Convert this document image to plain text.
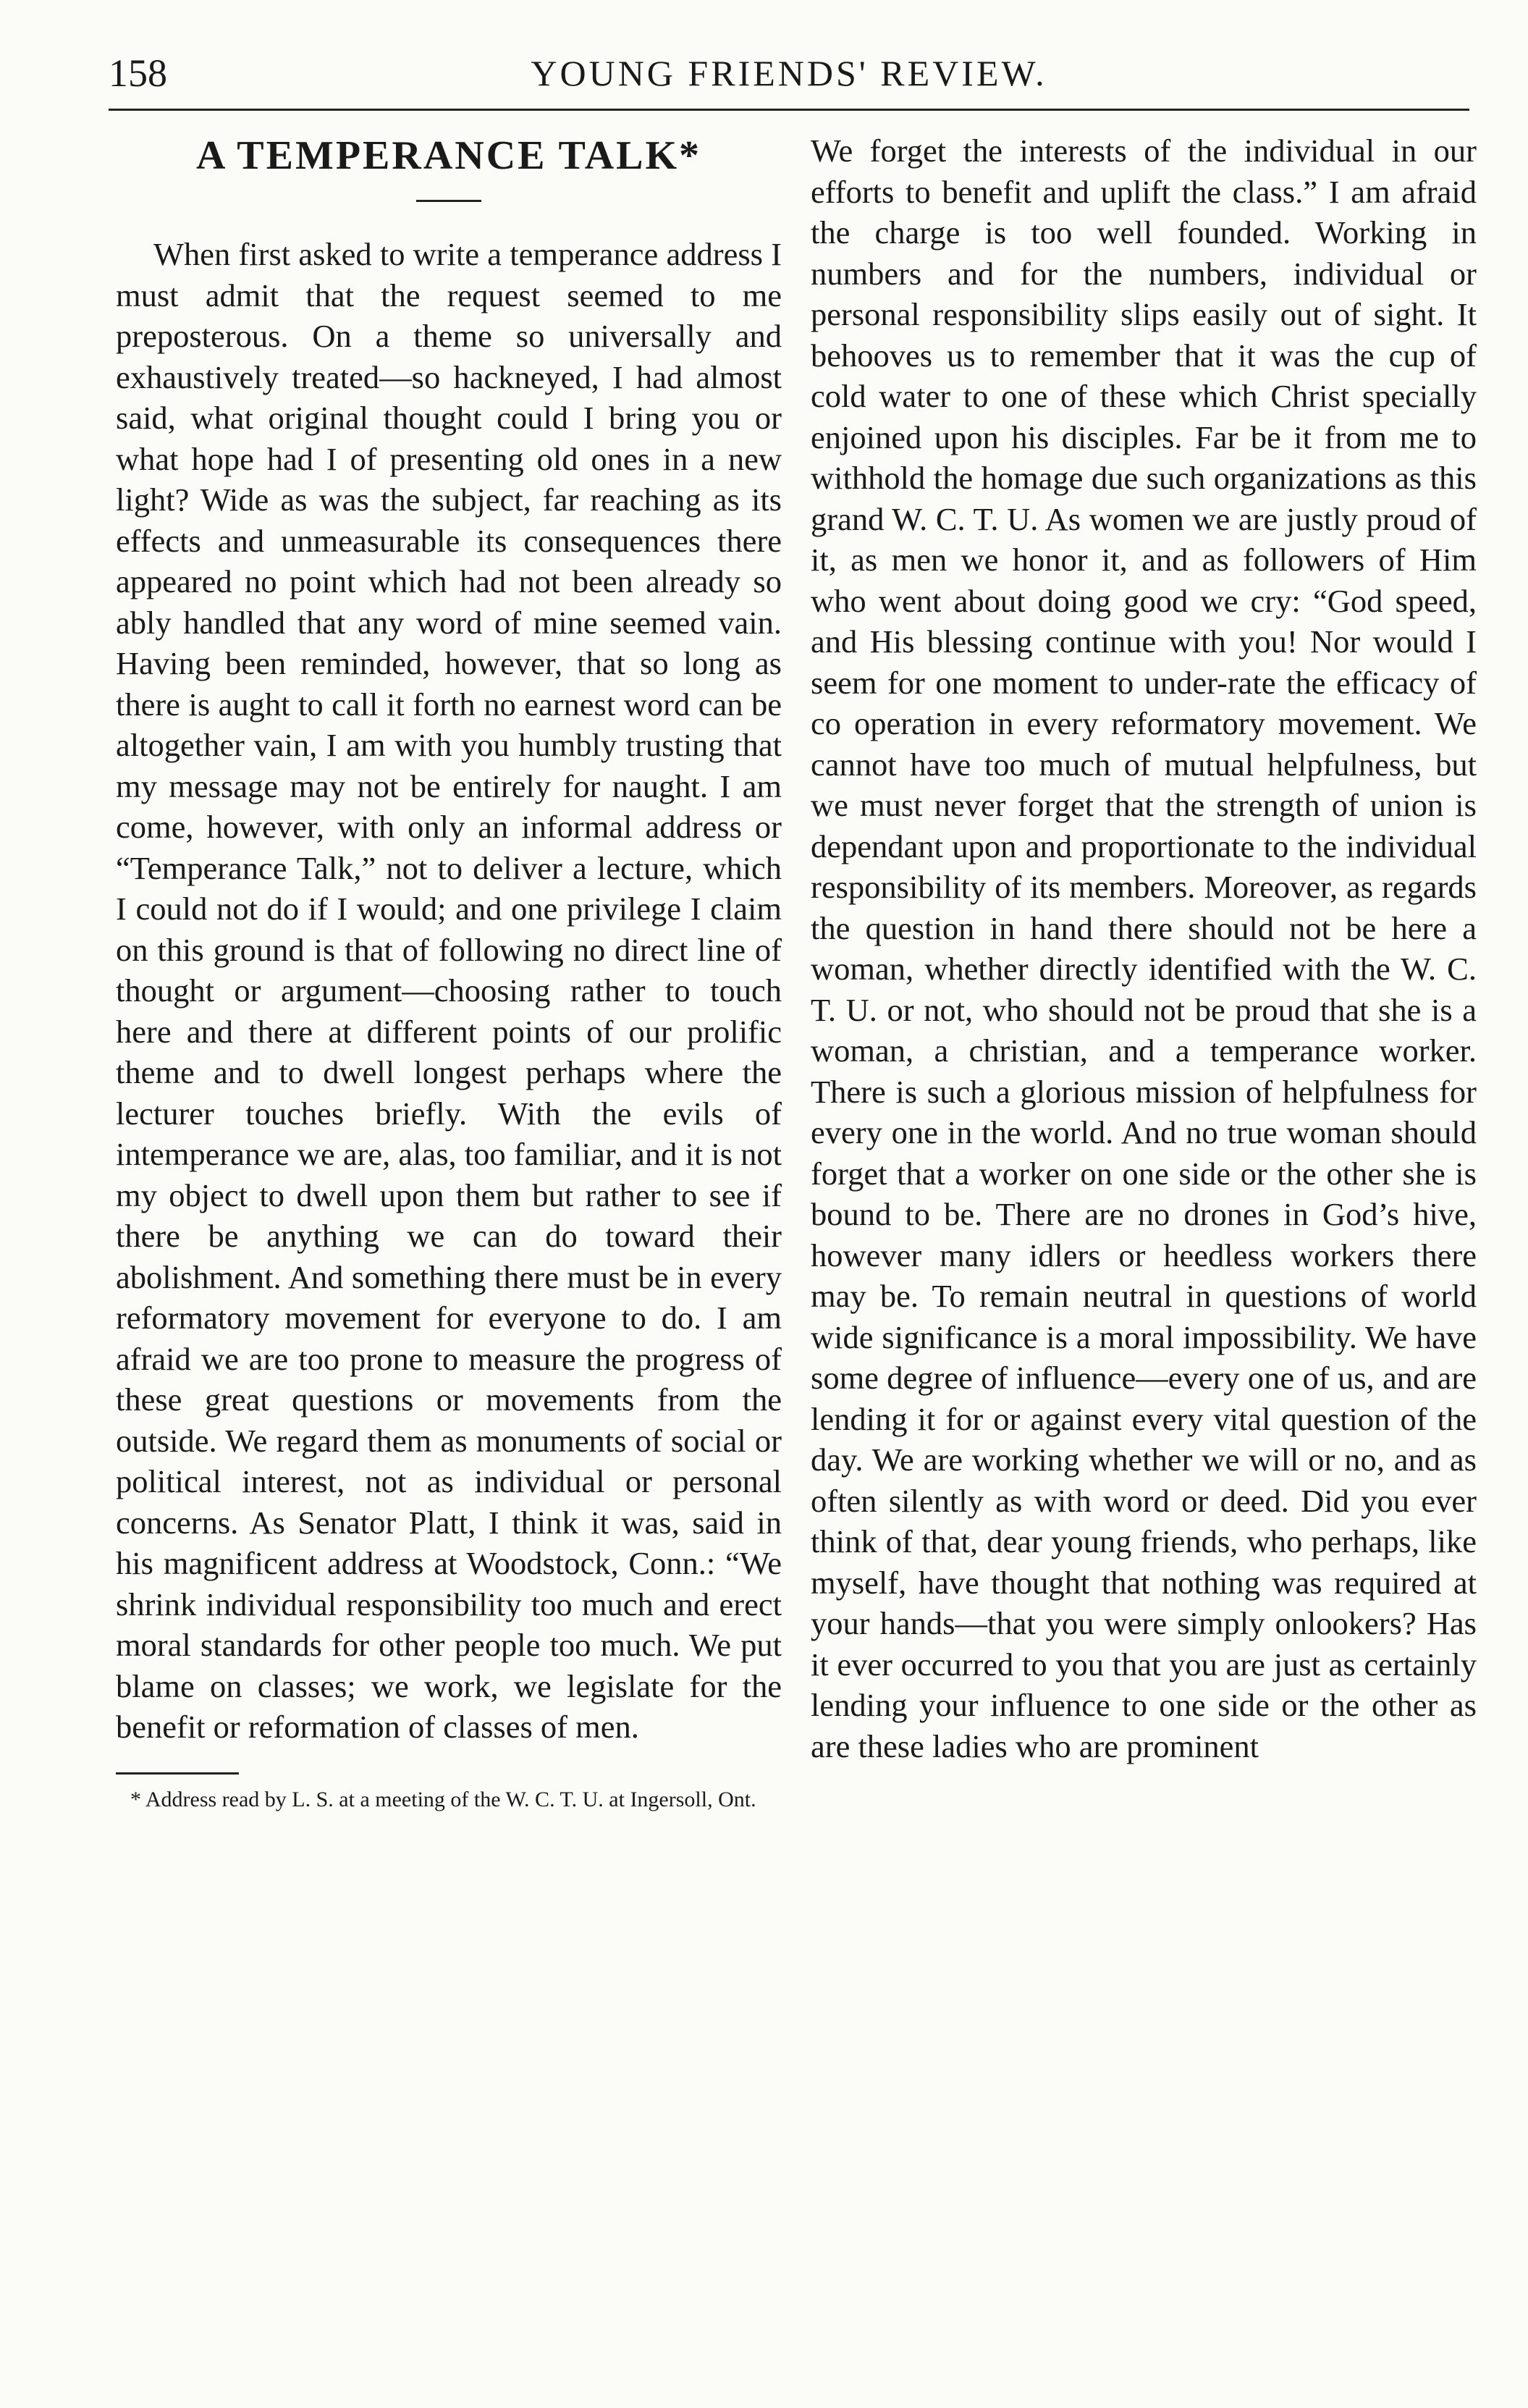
158	YOUNG FRIENDS' REVIEW.
A TEMPERANCE TALK*

When first asked to write a temperance address I must admit that the request seemed to me preposterous. On a theme so universally and exhaustively treated—so hackneyed, I had almost said, what original thought could I bring you or what hope had I of presenting old ones in a new light? Wide as was the subject, far reaching as its effects and unmeasurable its consequences there appeared no point which had not been already so ably handled that any word of mine seemed vain. Having been reminded, however, that so long as there is aught to call it forth no earnest word can be altogether vain, I am with you humbly trusting that my message may not be entirely for naught. I am come, however, with only an informal address or “Temperance Talk,” not to deliver a lecture, which I could not do if I would; and one privilege I claim on this ground is that of following no direct line of thought or argument—choosing rather to touch here and there at different points of our prolific theme and to dwell longest perhaps where the lecturer touches briefly. With the evils of intemperance we are, alas, too familiar, and it is not my object to dwell upon them but rather to see if there be anything we can do toward their abolishment. And something there must be in every reformatory movement for everyone to do. I am afraid we are too prone to measure the progress of these great questions or movements from the outside. We regard them as monuments of social or political interest, not as individual or personal concerns. As Senator Platt, I think it was, said in his magnificent address at Woodstock, Conn.: “We shrink individual responsibility too much and erect moral standards for other people too much. We put blame on classes; we work, we legislate for the benefit or reformation of classes of men.

* Address read by L. S. at a meeting of the W. C. T. U. at Ingersoll, Ont.

We forget the interests of the individual in our efforts to benefit and uplift the class.” I am afraid the charge is too well founded. Working in numbers and for the numbers, individual or personal responsibility slips easily out of sight. It behooves us to remember that it was the cup of cold water to one of these which Christ specially enjoined upon his disciples. Far be it from me to withhold the homage due such organizations as this grand W. C. T. U. As women we are justly proud of it, as men we honor it, and as followers of Him who went about doing good we cry: “God speed, and His blessing continue with you! Nor would I seem for one moment to under-rate the efficacy of co operation in every reformatory movement. We cannot have too much of mutual helpfulness, but we must never forget that the strength of union is dependant upon and proportionate to the individual responsibility of its members. Moreover, as regards the question in hand there should not be here a woman, whether directly identified with the W. C. T. U. or not, who should not be proud that she is a woman, a christian, and a temperance worker. There is such a glorious mission of helpfulness for every one in the world. And no true woman should forget that a worker on one side or the other she is bound to be. There are no drones in God’s hive, however many idlers or heedless workers there may be. To remain neutral in questions of world wide significance is a moral impossibility. We have some degree of influence—every one of us, and are lending it for or against every vital question of the day. We are working whether we will or no, and as often silently as with word or deed. Did you ever think of that, dear young friends, who perhaps, like myself, have thought that nothing was required at your hands—that you were simply onlookers? Has it ever occurred to you that you are just as certainly lending your influence to one side or the other as are these ladies who are prominent
